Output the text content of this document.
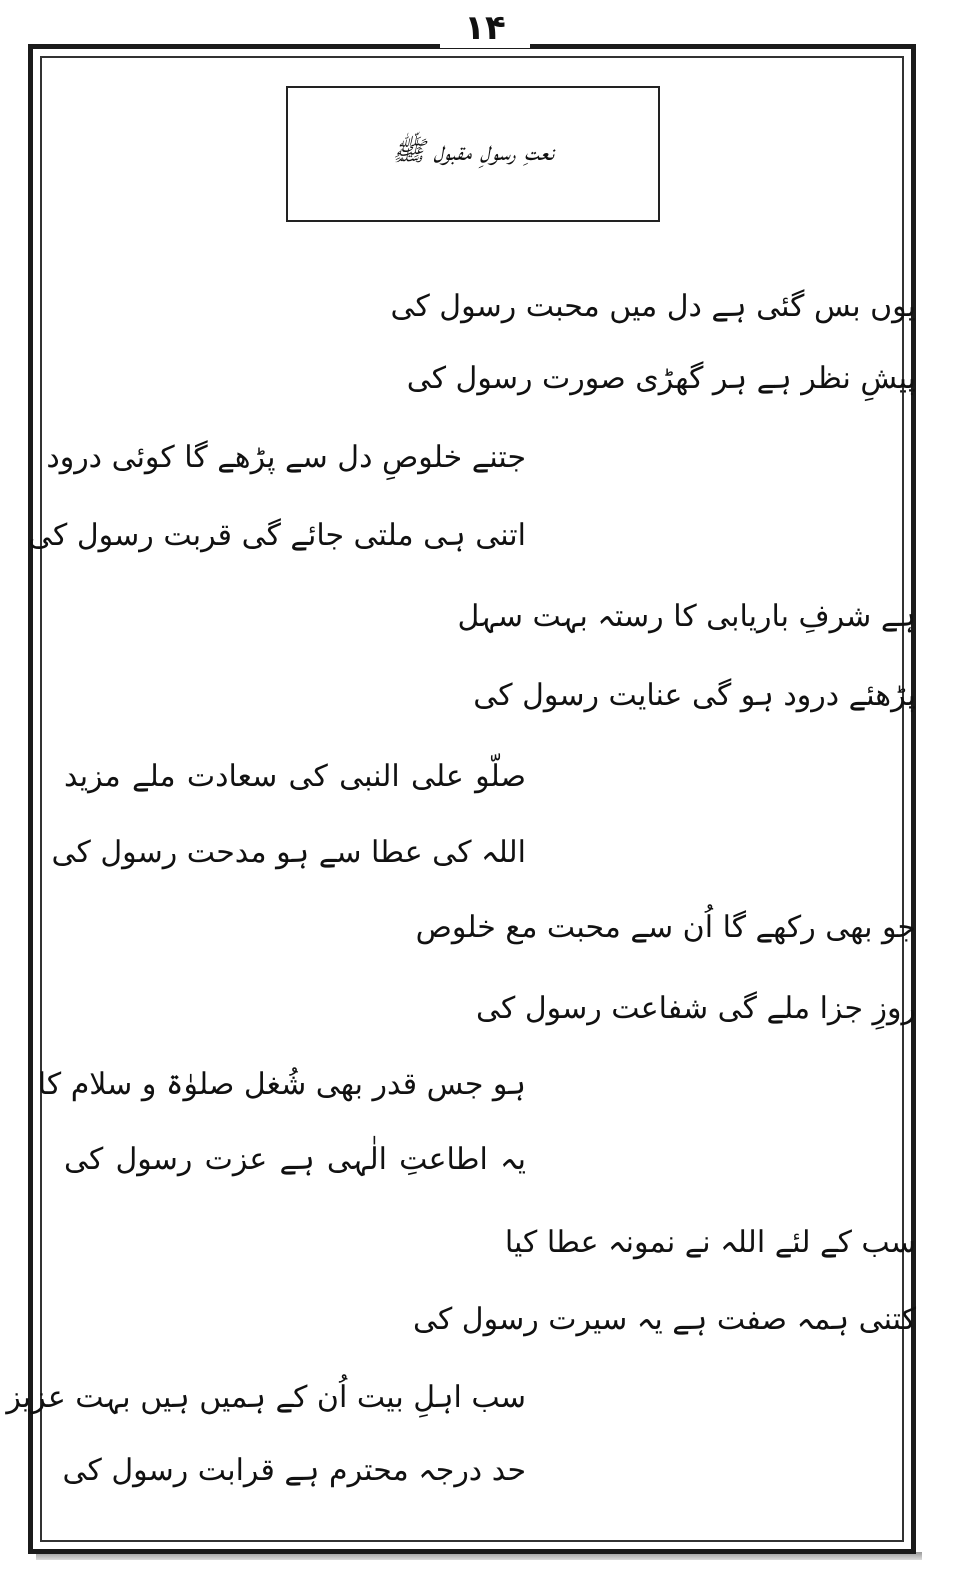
۱۴
نعتِ رسولِ مقبول ﷺ
یوں بس گئی ہے دل میں محبت رسول کی
پیشِ نظر ہے ہر گھڑی صورت رسول کی
جتنے خلوصِ دل سے پڑھے گا کوئی درود
اتنی ہی ملتی جائے گی قربت رسول کی
ہے شرفِ باریابی کا رستہ بہت سہل
پڑھئے درود ہو گی عنایت رسول کی
صلّو علی النبی کی سعادت ملے مزید
اللہ کی عطا سے ہو مدحت رسول کی
جو بھی رکھے گا اُن سے محبت مع خلوص
روزِ جزا ملے گی شفاعت رسول کی
ہو جس قدر بھی شُغل صلوٰۃ و سلام کا
یہ اطاعتِ الٰہی ہے عزت رسول کی
سب کے لئے اللہ نے نمونہ عطا کیا
کتنی ہمہ صفت ہے یہ سیرت رسول کی
سب اہلِ بیت اُن کے ہمیں ہیں بہت عزیز
حد درجہ محترم ہے قرابت رسول کی
